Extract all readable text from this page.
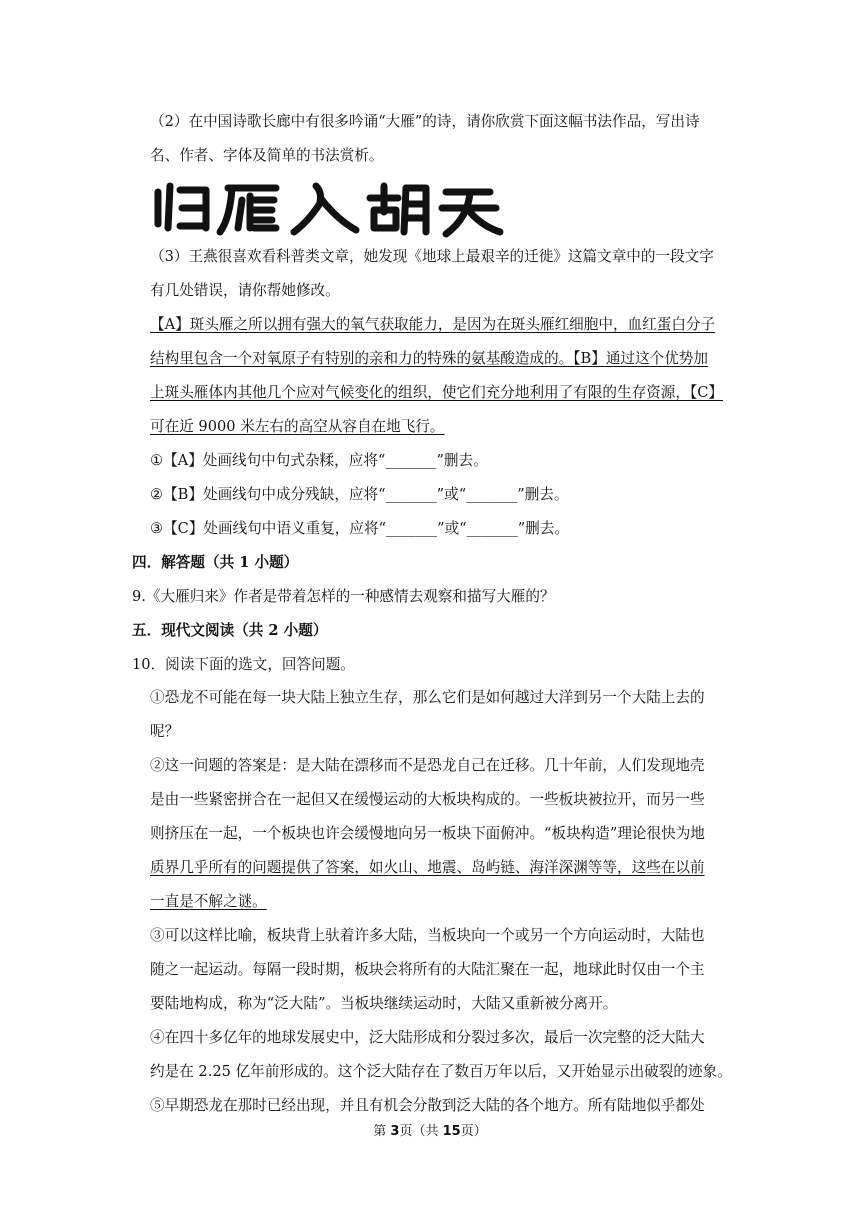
（2）在中国诗歌长廊中有很多吟诵“大雁”的诗，请你欣赏下面这幅书法作品，写出诗
名、作者、字体及简单的书法赏析。
（3）王燕很喜欢看科普类文章，她发现《地球上最艰辛的迁徙》这篇文章中的一段文字
有几处错误，请你帮她修改。
【A】斑头雁之所以拥有强大的氧气获取能力，是因为在斑头雁红细胞中，血红蛋白分子
结构里包含一个对氧原子有特别的亲和力的特殊的氨基酸造成的。【B】通过这个优势加
上斑头雁体内其他几个应对气候变化的组织，使它们充分地利用了有限的生存资源，【C】
可在近 9000 米左右的高空从容自在地飞行。
①【A】处画线句中句式杂糅，应将“_______”删去。
②【B】处画线句中成分残缺，应将“_______”或“_______”删去。
③【C】处画线句中语义重复，应将“_______”或“_______”删去。
四．解答题（共 1 小题）
9.《大雁归来》作者是带着怎样的一种感情去观察和描写大雁的？
五．现代文阅读（共 2 小题）
10．阅读下面的选文，回答问题。
①恐龙不可能在每一块大陆上独立生存，那么它们是如何越过大洋到另一个大陆上去的
呢？
②这一问题的答案是：是大陆在漂移而不是恐龙自己在迁移。几十年前，人们发现地壳
是由一些紧密拼合在一起但又在缓慢运动的大板块构成的。一些板块被拉开，而另一些
则挤压在一起，一个板块也许会缓慢地向另一板块下面俯冲。“板块构造”理论很快为地
质界几乎所有的问题提供了答案，如火山、地震、岛屿链、海洋深渊等等，这些在以前
一直是不解之谜。
③可以这样比喻，板块背上驮着许多大陆，当板块向一个或另一个方向运动时，大陆也
随之一起运动。每隔一段时期，板块会将所有的大陆汇聚在一起，地球此时仅由一个主
要陆地构成，称为“泛大陆”。当板块继续运动时，大陆又重新被分离开。
④在四十多亿年的地球发展史中，泛大陆形成和分裂过多次，最后一次完整的泛大陆大
约是在 2.25 亿年前形成的。这个泛大陆存在了数百万年以后，又开始显示出破裂的迹象。
⑤早期恐龙在那时已经出现，并且有机会分散到泛大陆的各个地方。所有陆地似乎都处
第 3页（共 15页）
